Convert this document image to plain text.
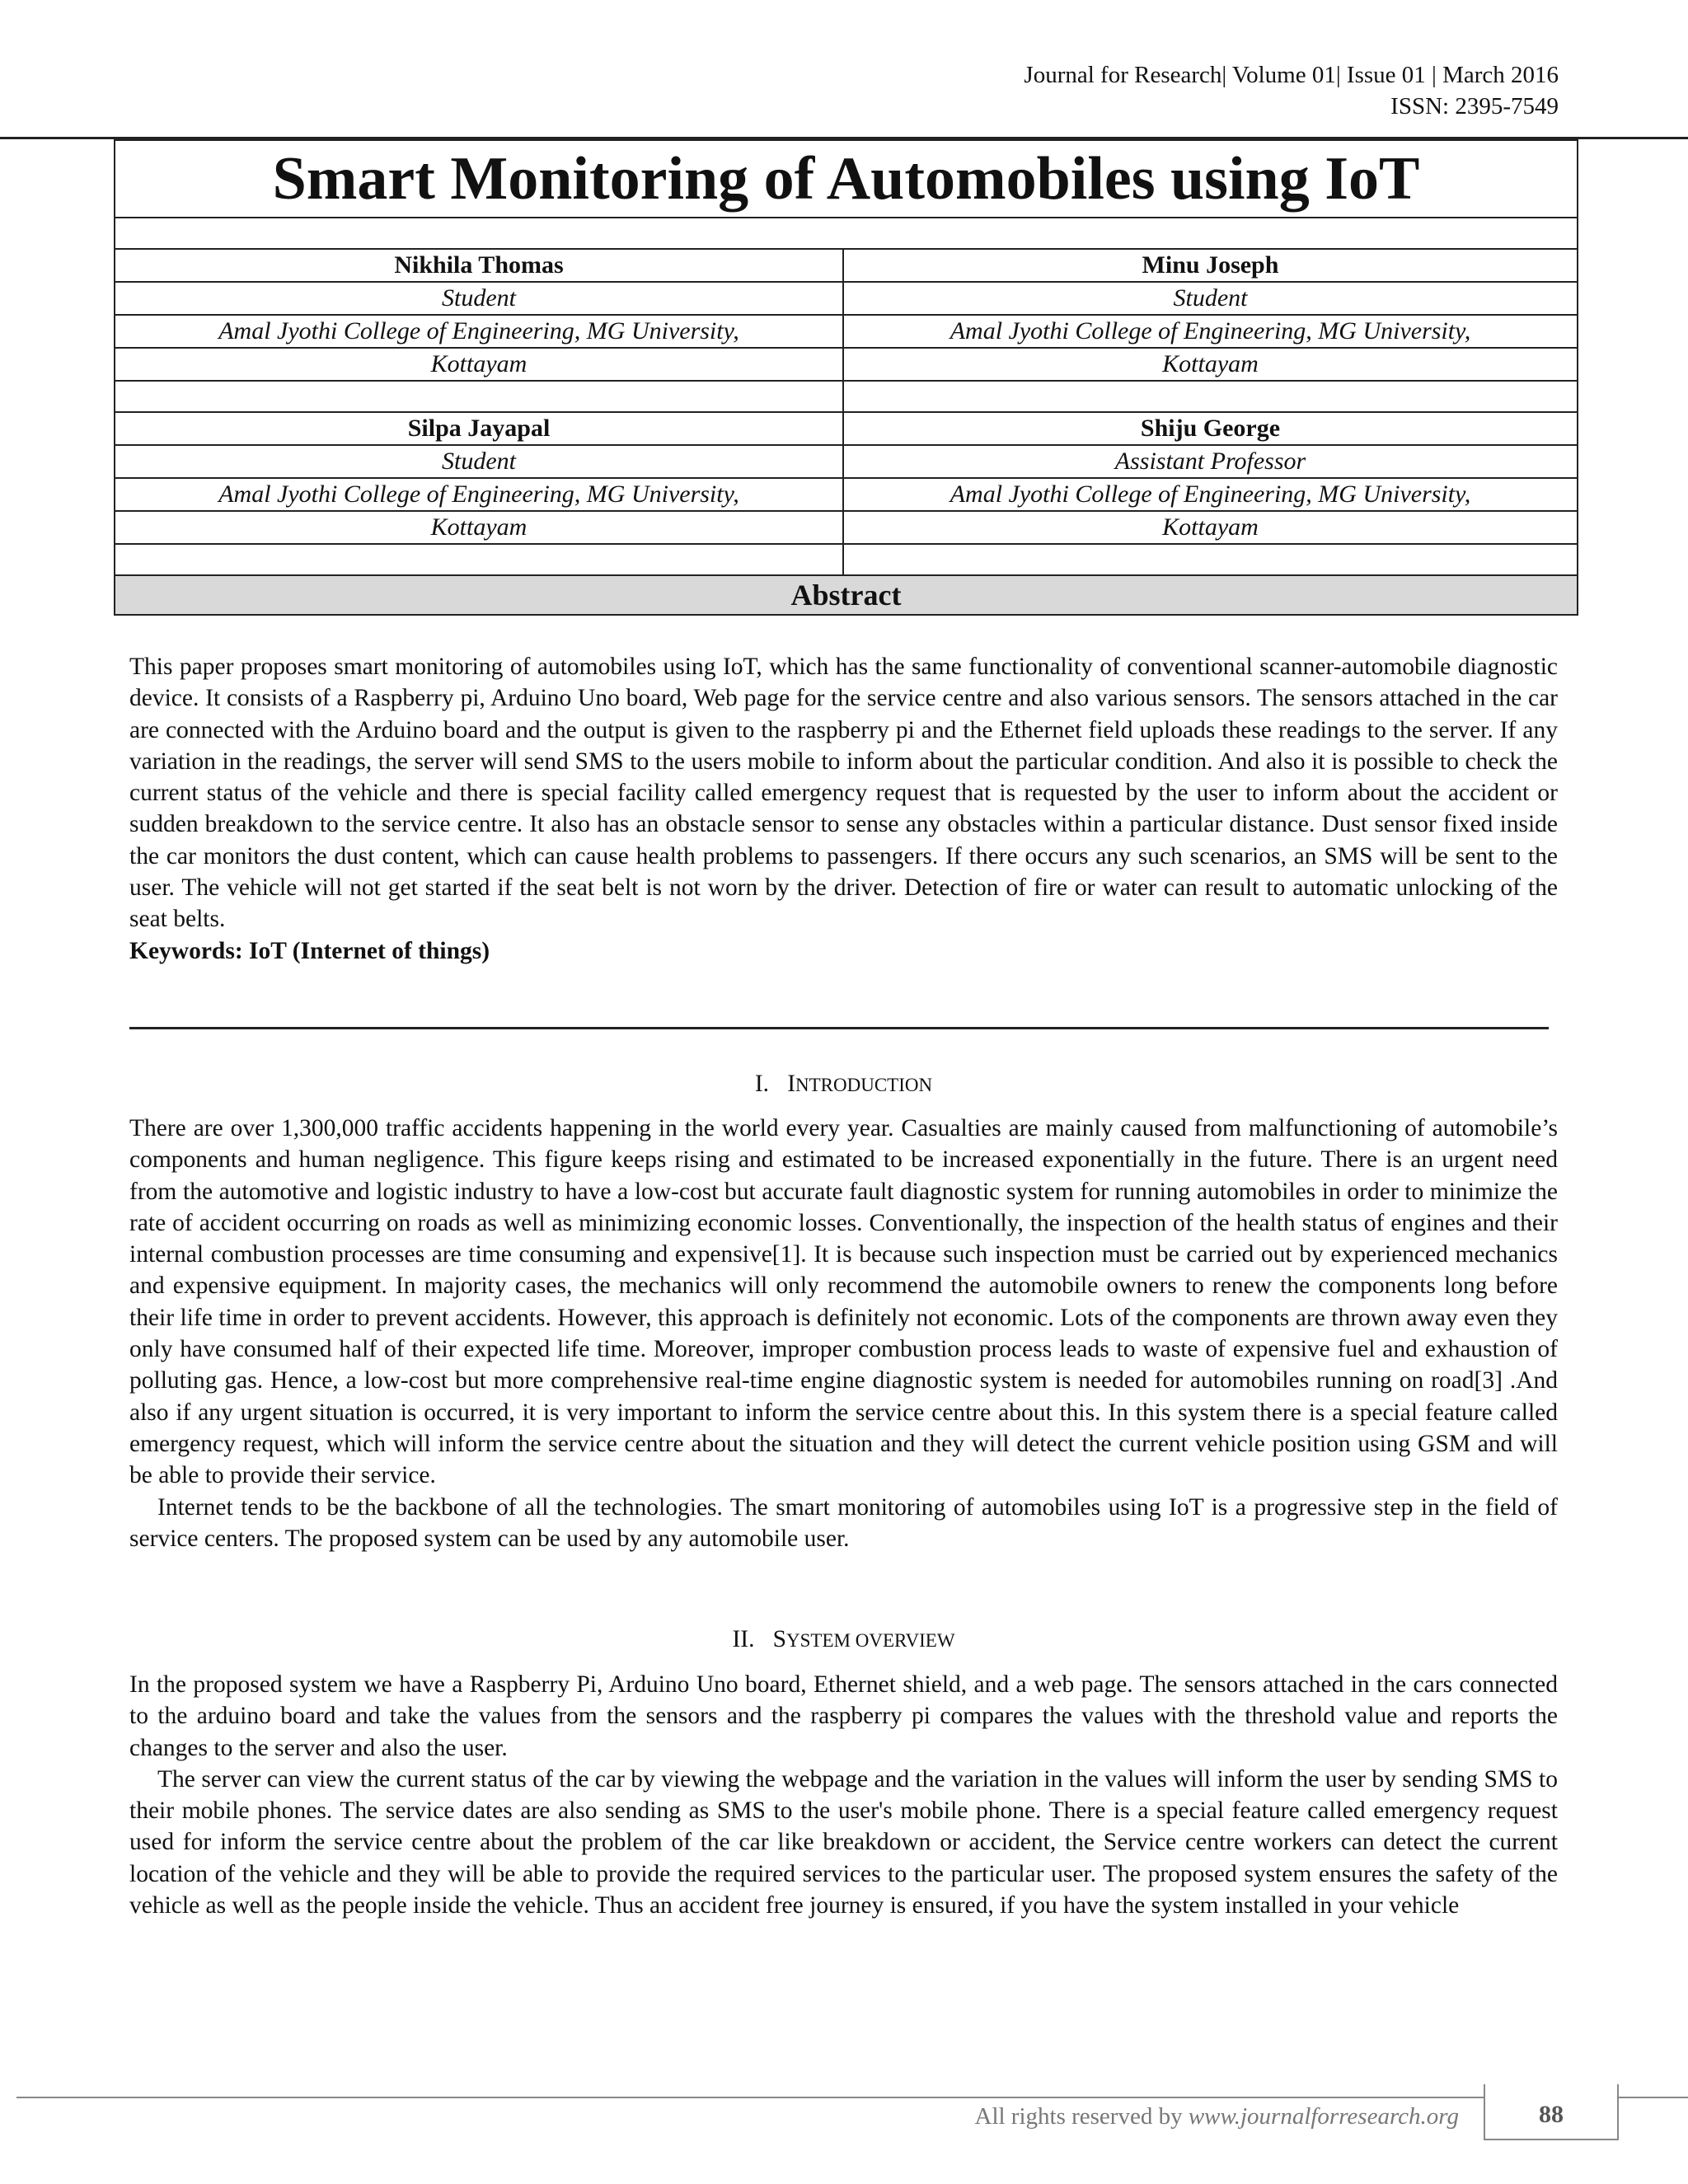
Journal for Research| Volume 01| Issue 01 | March 2016
ISSN: 2395-7549
Smart Monitoring of Automobiles using IoT
Nikhila Thomas	Minu Joseph
Student	Student
Amal Jyothi College of Engineering, MG University,	Amal Jyothi College of Engineering, MG University,
Kottayam	Kottayam
Silpa Jayapal	Shiju George
Student	Assistant Professor
Amal Jyothi College of Engineering, MG University,	Amal Jyothi College of Engineering, MG University,
Kottayam	Kottayam
Abstract

This paper proposes smart monitoring of automobiles using IoT, which has the same functionality of conventional scanner-automobile diagnostic device. It consists of a Raspberry pi, Arduino Uno board, Web page for the service centre and also various sensors. The sensors attached in the car are connected with the Arduino board and the output is given to the raspberry pi and the Ethernet field uploads these readings to the server. If any variation in the readings, the server will send SMS to the users mobile to inform about the particular condition. And also it is possible to check the current status of the vehicle and there is special facility called emergency request that is requested by the user to inform about the accident or sudden breakdown to the service centre. It also has an obstacle sensor to sense any obstacles within a particular distance. Dust sensor fixed inside the car monitors the dust content, which can cause health problems to passengers. If there occurs any such scenarios, an SMS will be sent to the user. The vehicle will not get started if the seat belt is not worn by the driver. Detection of fire or water can result to automatic unlocking of the seat belts.

Keywords: IoT (Internet of things)

I. INTRODUCTION

There are over 1,300,000 traffic accidents happening in the world every year. Casualties are mainly caused from malfunctioning of automobile’s components and human negligence. This figure keeps rising and estimated to be increased exponentially in the future. There is an urgent need from the automotive and logistic industry to have a low-cost but accurate fault diagnostic system for running automobiles in order to minimize the rate of accident occurring on roads as well as minimizing economic losses. Conventionally, the inspection of the health status of engines and their internal combustion processes are time consuming and expensive[1]. It is because such inspection must be carried out by experienced mechanics and expensive equipment. In majority cases, the mechanics will only recommend the automobile owners to renew the components long before their life time in order to prevent accidents. However, this approach is definitely not economic. Lots of the components are thrown away even they only have consumed half of their expected life time. Moreover, improper combustion process leads to waste of expensive fuel and exhaustion of polluting gas. Hence, a low-cost but more comprehensive real-time engine diagnostic system is needed for automobiles running on road[3] .And also if any urgent situation is occurred, it is very important to inform the service centre about this. In this system there is a special feature called emergency request, which will inform the service centre about the situation and they will detect the current vehicle position using GSM and will be able to provide their service.

Internet tends to be the backbone of all the technologies. The smart monitoring of automobiles using IoT is a progressive step in the field of service centers. The proposed system can be used by any automobile user.

II. SYSTEM OVERVIEW

In the proposed system we have a Raspberry Pi, Arduino Uno board, Ethernet shield, and a web page. The sensors attached in the cars connected to the arduino board and take the values from the sensors and the raspberry pi compares the values with the threshold value and reports the changes to the server and also the user.

The server can view the current status of the car by viewing the webpage and the variation in the values will inform the user by sending SMS to their mobile phones. The service dates are also sending as SMS to the user's mobile phone. There is a special feature called emergency request used for inform the service centre about the problem of the car like breakdown or accident, the Service centre workers can detect the current location of the vehicle and they will be able to provide the required services to the particular user. The proposed system ensures the safety of the vehicle as well as the people inside the vehicle. Thus an accident free journey is ensured, if you have the system installed in your vehicle

All rights reserved by www.journalforresearch.org	88
